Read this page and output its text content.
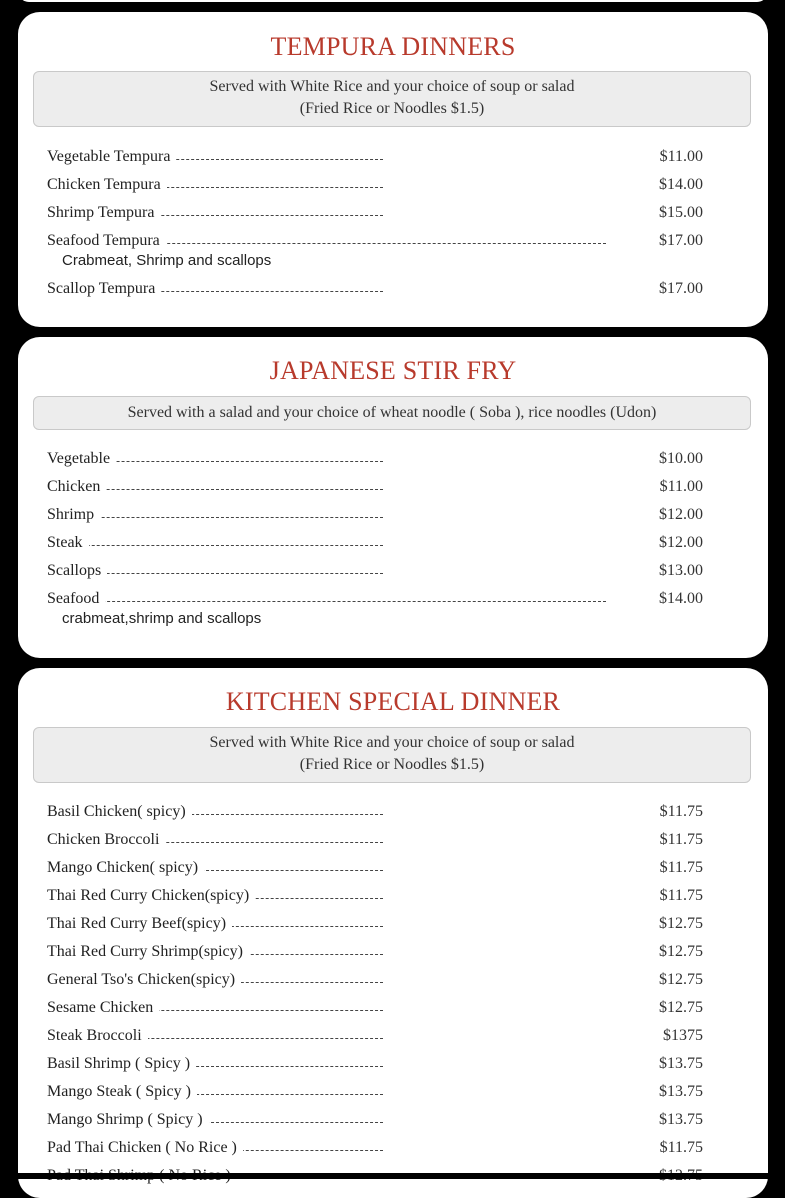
TEMPURA DINNERS
Served with White Rice and your choice of soup or salad
(Fried Rice or Noodles $1.5)
Vegetable Tempura	$11.00
Chicken Tempura	$14.00
Shrimp Tempura	$15.00
Seafood Tempura	$17.00
Crabmeat, Shrimp and scallops
Scallop Tempura	$17.00
JAPANESE STIR FRY
Served with a salad and your choice of wheat noodle ( Soba ), rice noodles (Udon)
Vegetable	$10.00
Chicken	$11.00
Shrimp	$12.00
Steak	$12.00
Scallops	$13.00
Seafood	$14.00
crabmeat,shrimp and scallops
KITCHEN SPECIAL DINNER
Served with White Rice and your choice of soup or salad
(Fried Rice or Noodles $1.5)
Basil Chicken( spicy)	$11.75
Chicken Broccoli	$11.75
Mango Chicken( spicy)	$11.75
Thai Red Curry Chicken(spicy)	$11.75
Thai Red Curry Beef(spicy)	$12.75
Thai Red Curry Shrimp(spicy)	$12.75
General Tso's Chicken(spicy)	$12.75
Sesame Chicken	$12.75
Steak Broccoli	$1375
Basil Shrimp ( Spicy )	$13.75
Mango Steak ( Spicy )	$13.75
Mango Shrimp ( Spicy )	$13.75
Pad Thai Chicken ( No Rice )	$11.75
